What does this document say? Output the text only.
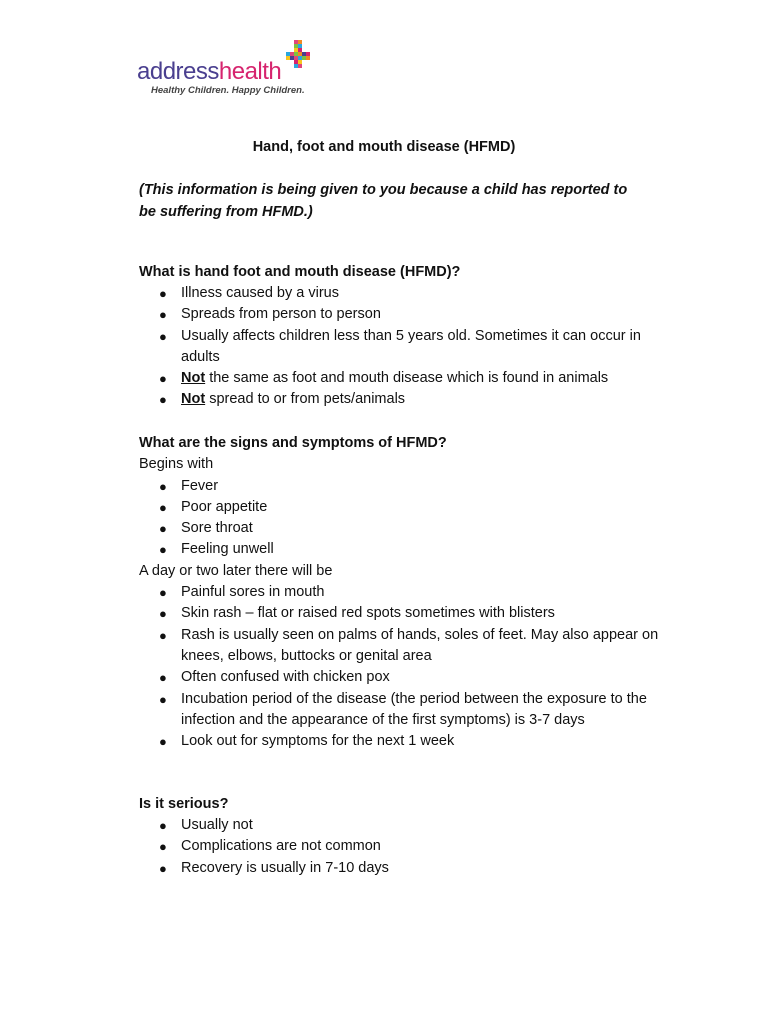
addresshealth
Healthy Children. Happy Children.
Hand, foot and mouth disease (HFMD)
(This information is being given to you because a child has reported to be suffering from HFMD.)
What is hand foot and mouth disease (HFMD)?
● Illness caused by a virus
● Spreads from person to person
● Usually affects children less than 5 years old. Sometimes it can occur in adults
● Not the same as foot and mouth disease which is found in animals
● Not spread to or from pets/animals
What are the signs and symptoms of HFMD?
Begins with
● Fever
● Poor appetite
● Sore throat
● Feeling unwell
A day or two later there will be
● Painful sores in mouth
● Skin rash – flat or raised red spots sometimes with blisters
● Rash is usually seen on palms of hands, soles of feet. May also appear on knees, elbows, buttocks or genital area
● Often confused with chicken pox
● Incubation period of the disease (the period between the exposure to the infection and the appearance of the first symptoms) is 3-7 days
● Look out for symptoms for the next 1 week
Is it serious?
● Usually not
● Complications are not common
● Recovery is usually in 7-10 days
